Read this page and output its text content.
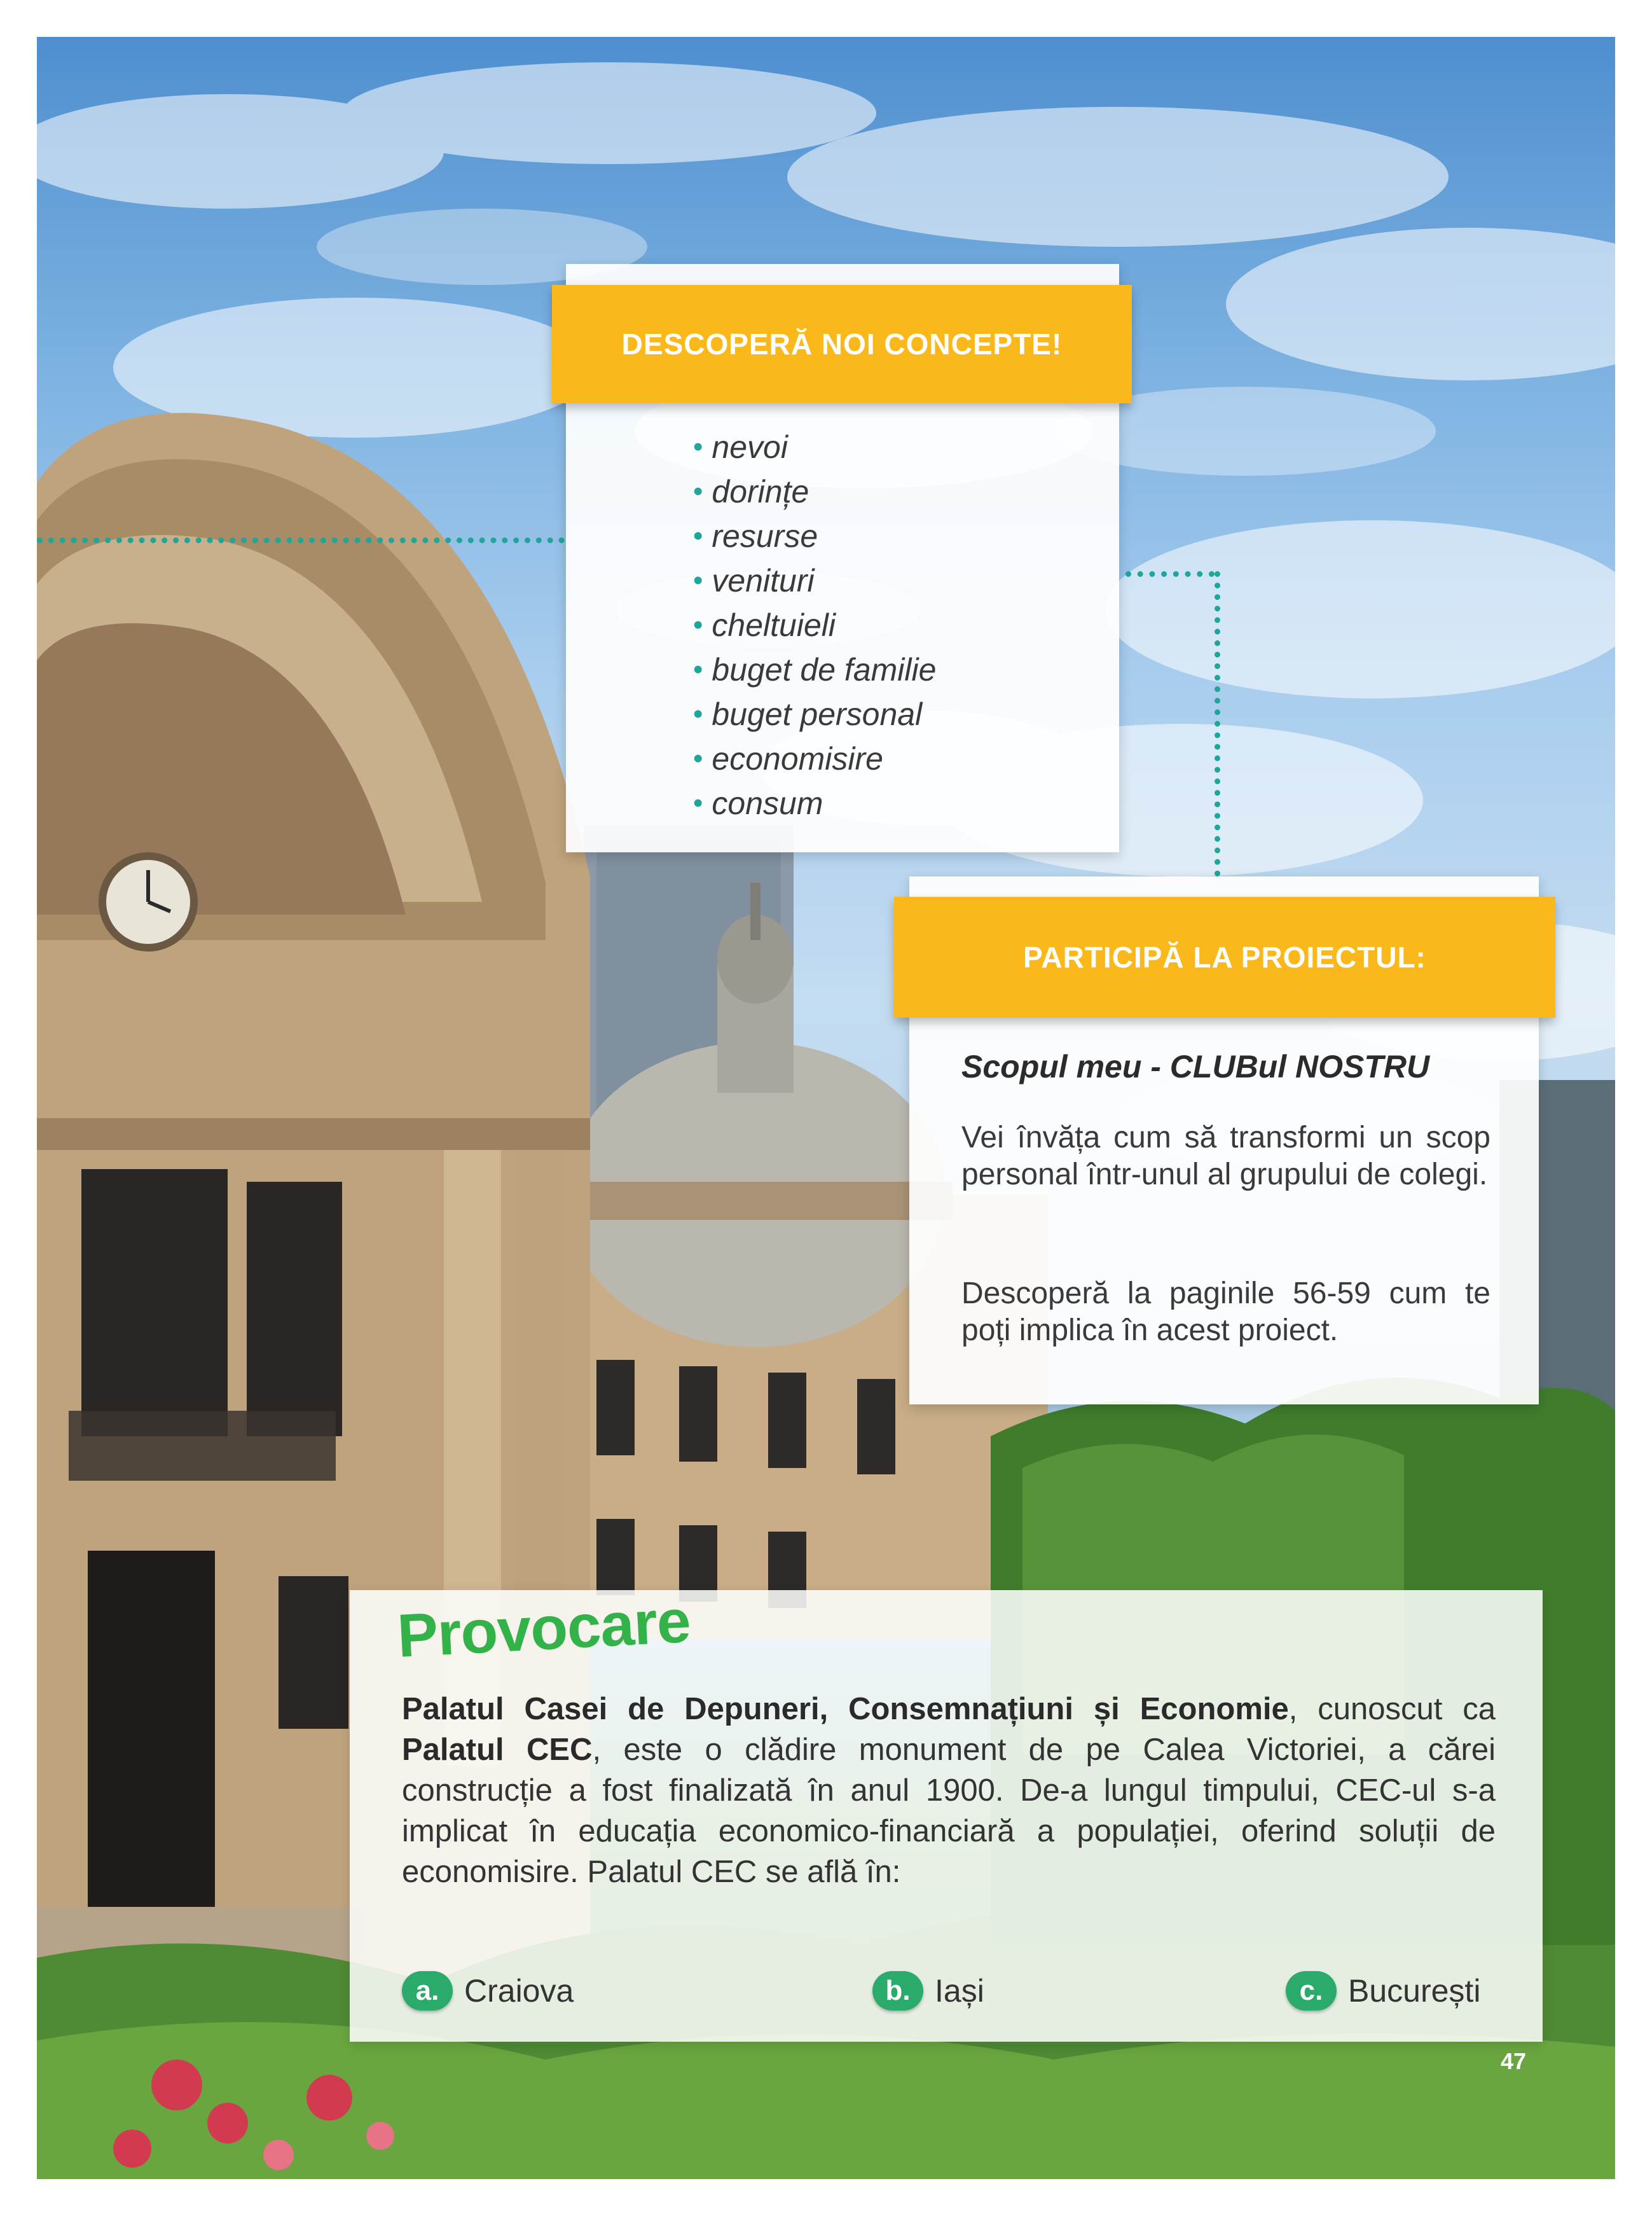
DESCOPERĂ NOI CONCEPTE!
• nevoi
• dorințe
• resurse
• venituri
• cheltuieli
• buget de familie
• buget personal
• economisire
• consum
PARTICIPĂ LA PROIECTUL:
Scopul meu - CLUBul NOSTRU

Vei învăța cum să transformi un scop personal într-unul al grupului de colegi.

Descoperă la paginile 56-59 cum te poți implica în acest proiect.

Provocare

Palatul Casei de Depuneri, Consemnațiuni și Economie, cunoscut ca Palatul CEC, este o clădire monument de pe Calea Victoriei, a cărei construcție a fost finalizată în anul 1900. De-a lungul timpului, CEC-ul s-a implicat în educația economico-financiară a populației, oferind soluții de economisire. Palatul CEC se află în:

a. Craiova	b. Iași	c. București
47
